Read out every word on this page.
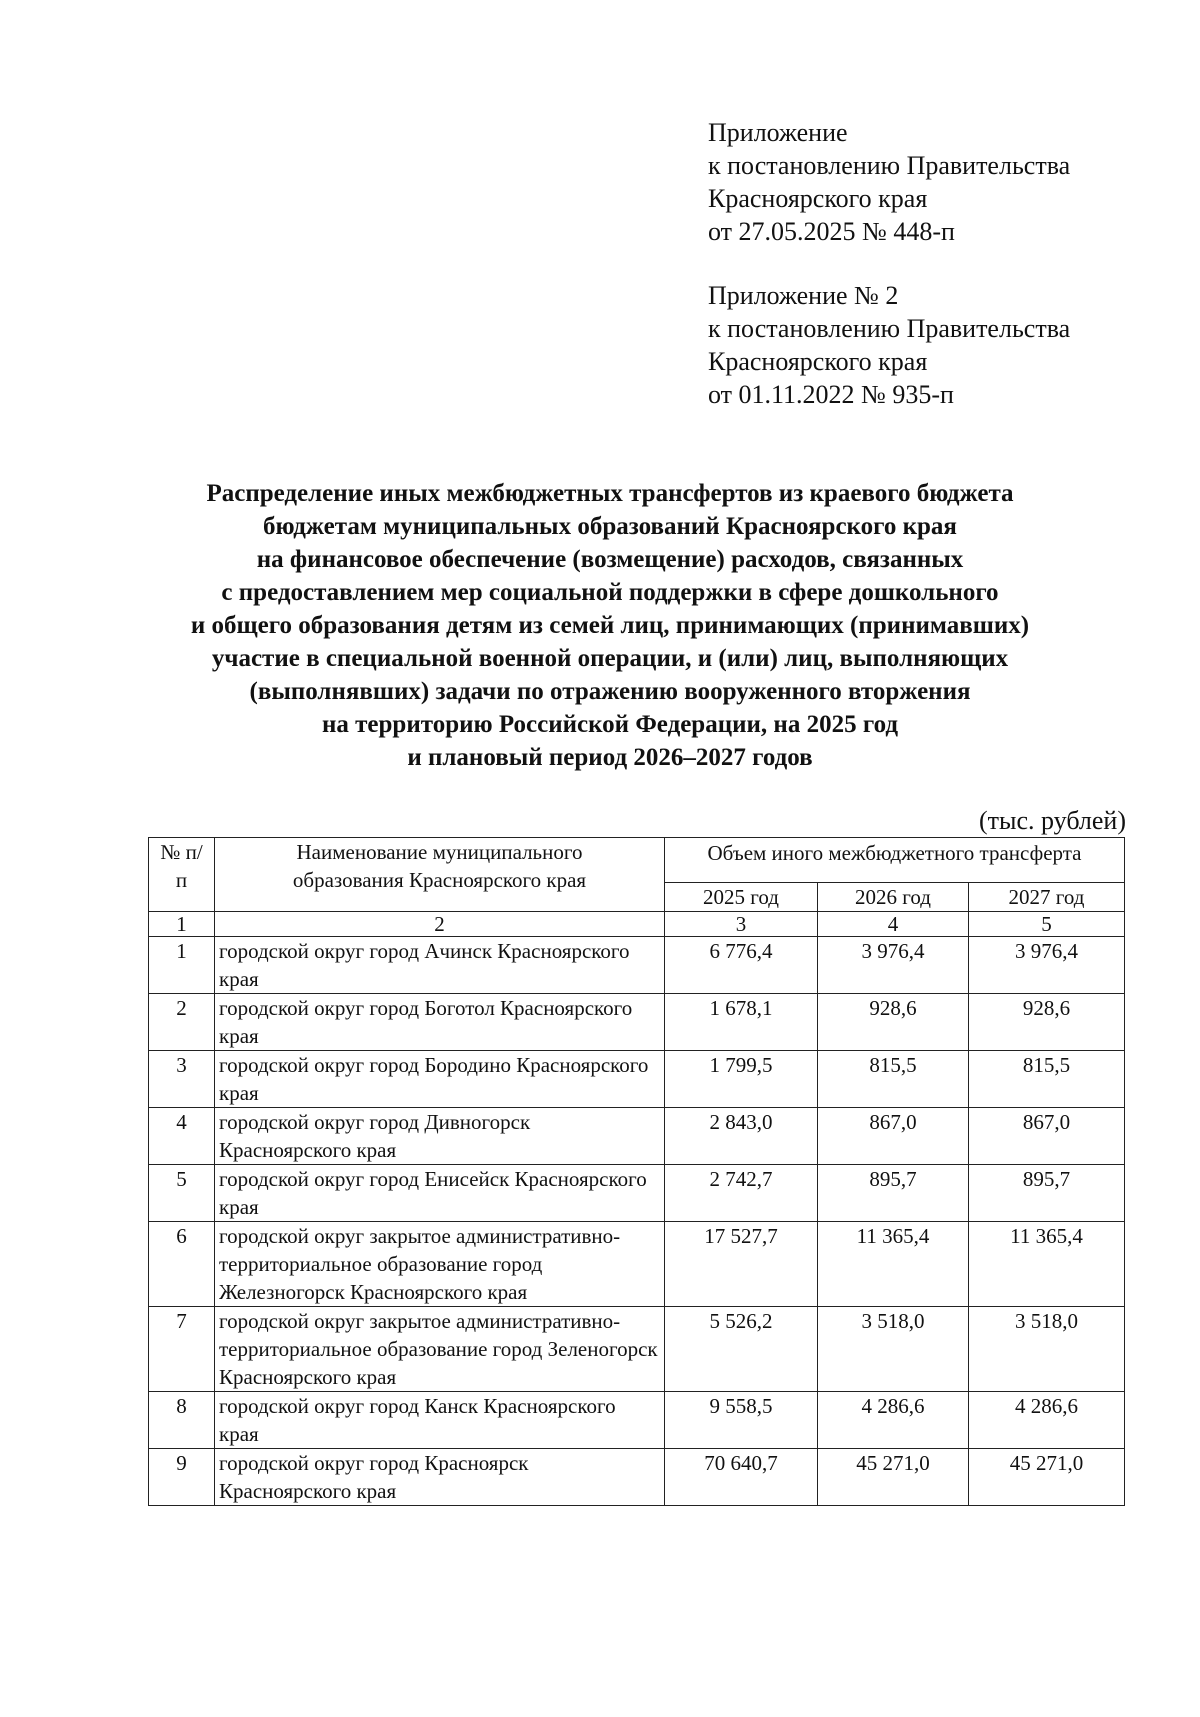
Приложение
к постановлению Правительства
Красноярского края
от 27.05.2025 № 448-п
Приложение № 2
к постановлению Правительства
Красноярского края
от 01.11.2022 № 935-п
Распределение иных межбюджетных трансфертов из краевого бюджета
бюджетам муниципальных образований Красноярского края
на финансовое обеспечение (возмещение) расходов, связанных
с предоставлением мер социальной поддержки в сфере дошкольного
и общего образования детям из семей лиц, принимающих (принимавших)
участие в специальной военной операции, и (или) лиц, выполняющих
(выполнявших) задачи по отражению вооруженного вторжения
на территорию Российской Федерации, на 2025 год
и плановый период 2026–2027 годов
(тыс. рублей)
№ п/п	Наименование муниципального образования Красноярского края	Объем иного межбюджетного трансферта		
		2025 год	2026 год	2027 год
1	2	3	4	5
1	городской округ город Ачинск Красноярского края	6 776,4	3 976,4	3 976,4
2	городской округ город Боготол Красноярского края	1 678,1	928,6	928,6
3	городской округ город Бородино Красноярского края	1 799,5	815,5	815,5
4	городской округ город Дивногорск Красноярского края	2 843,0	867,0	867,0
5	городской округ город Енисейск Красноярского края	2 742,7	895,7	895,7
6	городской округ закрытое административно-территориальное образование город Железногорск Красноярского края	17 527,7	11 365,4	11 365,4
7	городской округ закрытое административно-территориальное образование город Зеленогорск Красноярского края	5 526,2	3 518,0	3 518,0
8	городской округ город Канск Красноярского края	9 558,5	4 286,6	4 286,6
9	городской округ город Красноярск Красноярского края	70 640,7	45 271,0	45 271,0
